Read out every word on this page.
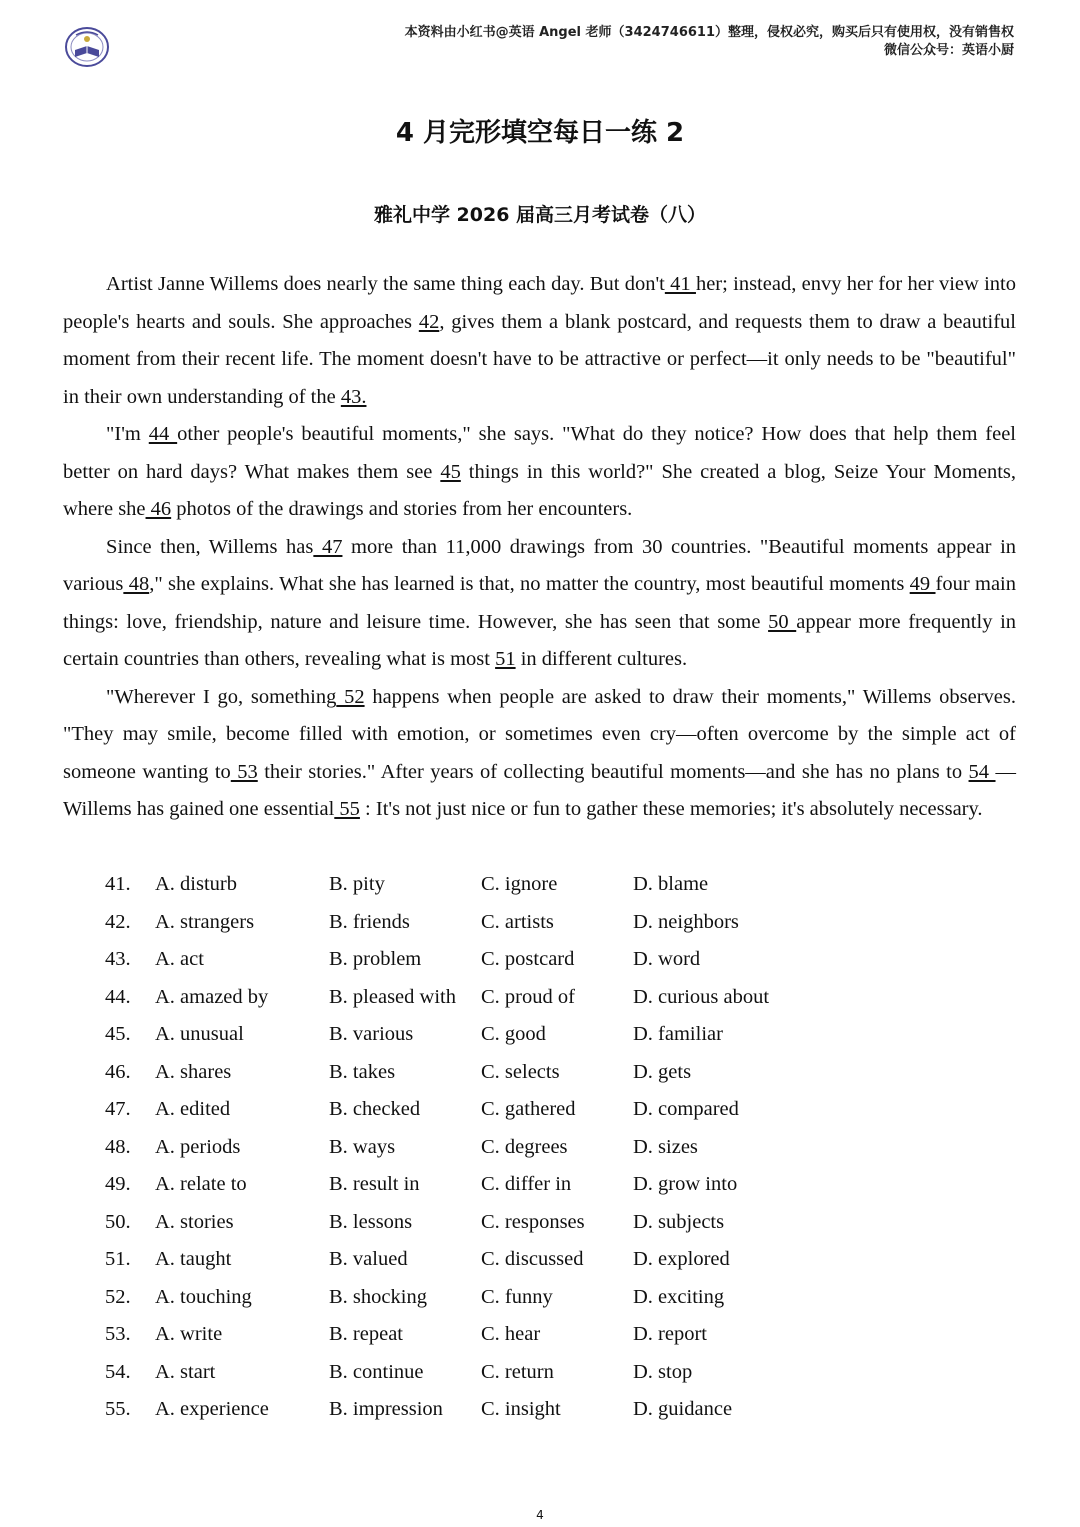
本资料由小红书@英语 Angel 老师（3424746611）整理，侵权必究，购买后只有使用权，没有销售权
微信公众号：英语小厨
4 月完形填空每日一练 2
雅礼中学 2026 届高三月考试卷（八）

Artist Janne Willems does nearly the same thing each day. But don't 41 her; instead, envy her for her view into people's hearts and souls. She approaches 42, gives them a blank postcard, and requests them to draw a beautiful moment from their recent life. The moment doesn't have to be attractive or perfect—it only needs to be "beautiful" in their own understanding of the 43.

"I'm 44 other people's beautiful moments," she says. "What do they notice? How does that help them feel better on hard days? What makes them see 45 things in this world?" She created a blog, Seize Your Moments, where she 46 photos of the drawings and stories from her encounters.

Since then, Willems has 47 more than 11,000 drawings from 30 countries. "Beautiful moments appear in various 48," she explains. What she has learned is that, no matter the country, most beautiful moments 49 four main things: love, friendship, nature and leisure time. However, she has seen that some 50 appear more frequently in certain countries than others, revealing what is most 51 in different cultures.

"Wherever I go, something 52 happens when people are asked to draw their moments," Willems observes. "They may smile, become filled with emotion, or sometimes even cry—often overcome by the simple act of someone wanting to 53 their stories." After years of collecting beautiful moments—and she has no plans to 54 —Willems has gained one essential 55 : It's not just nice or fun to gather these memories; it's absolutely necessary.

41. A. disturb	B. pity	C. ignore	D. blame
42. A. strangers	B. friends	C. artists	D. neighbors
43. A. act	B. problem	C. postcard	D. word
44. A. amazed by	B. pleased with C. proud of	D. curious about
45. A. unusual	B. various	C. good	D. familiar
46. A. shares	B. takes	C. selects	D. gets
47. A. edited	B. checked	C. gathered	D. compared
48. A. periods	B. ways	C. degrees	D. sizes
49. A. relate to	B. result in	C. differ in	D. grow into
50. A. stories	B. lessons	C. responses D. subjects
51. A. taught	B. valued	C. discussed D. explored
52. A. touching	B. shocking	C. funny	D. exciting
53. A. write	B. repeat	C. hear	D. report
54. A. start	B. continue	C. return	D. stop
55. A. experience	B. impression C. insight	D. guidance
4
